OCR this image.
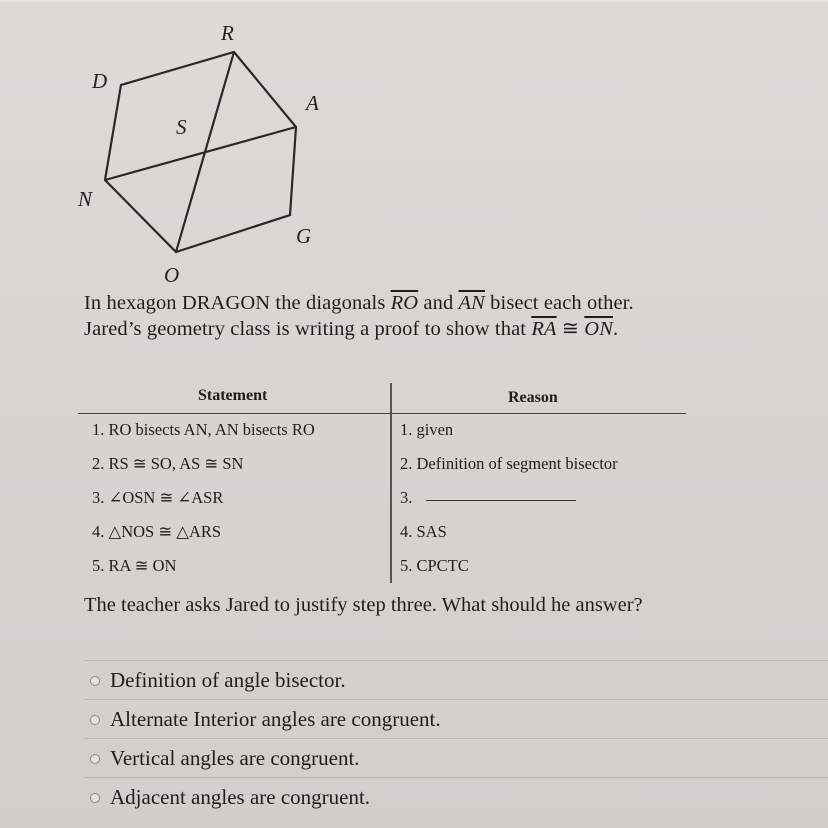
R
D
A
S
N
G
O
In hexagon DRAGON the diagonals $\overline{RO}$ and $\overline{AN}$ bisect each other. Jared’s geometry class is writing a proof to show that $\overline{RA}$ ≅ $\overline{ON}$.
Statement	Reason
1. RO bisects AN, AN bisects RO	1. given
2. RS ≅ SO, AS ≅ SN	2. Definition of segment bisector
3. ∠OSN ≅ ∠ASR	3.
4. △NOS ≅ △ARS	4. SAS
5. RA ≅ ON	5. CPCTC
The teacher asks Jared to justify step three. What should he answer?
Definition of angle bisector.
Alternate Interior angles are congruent.
Vertical angles are congruent.
Adjacent angles are congruent.
